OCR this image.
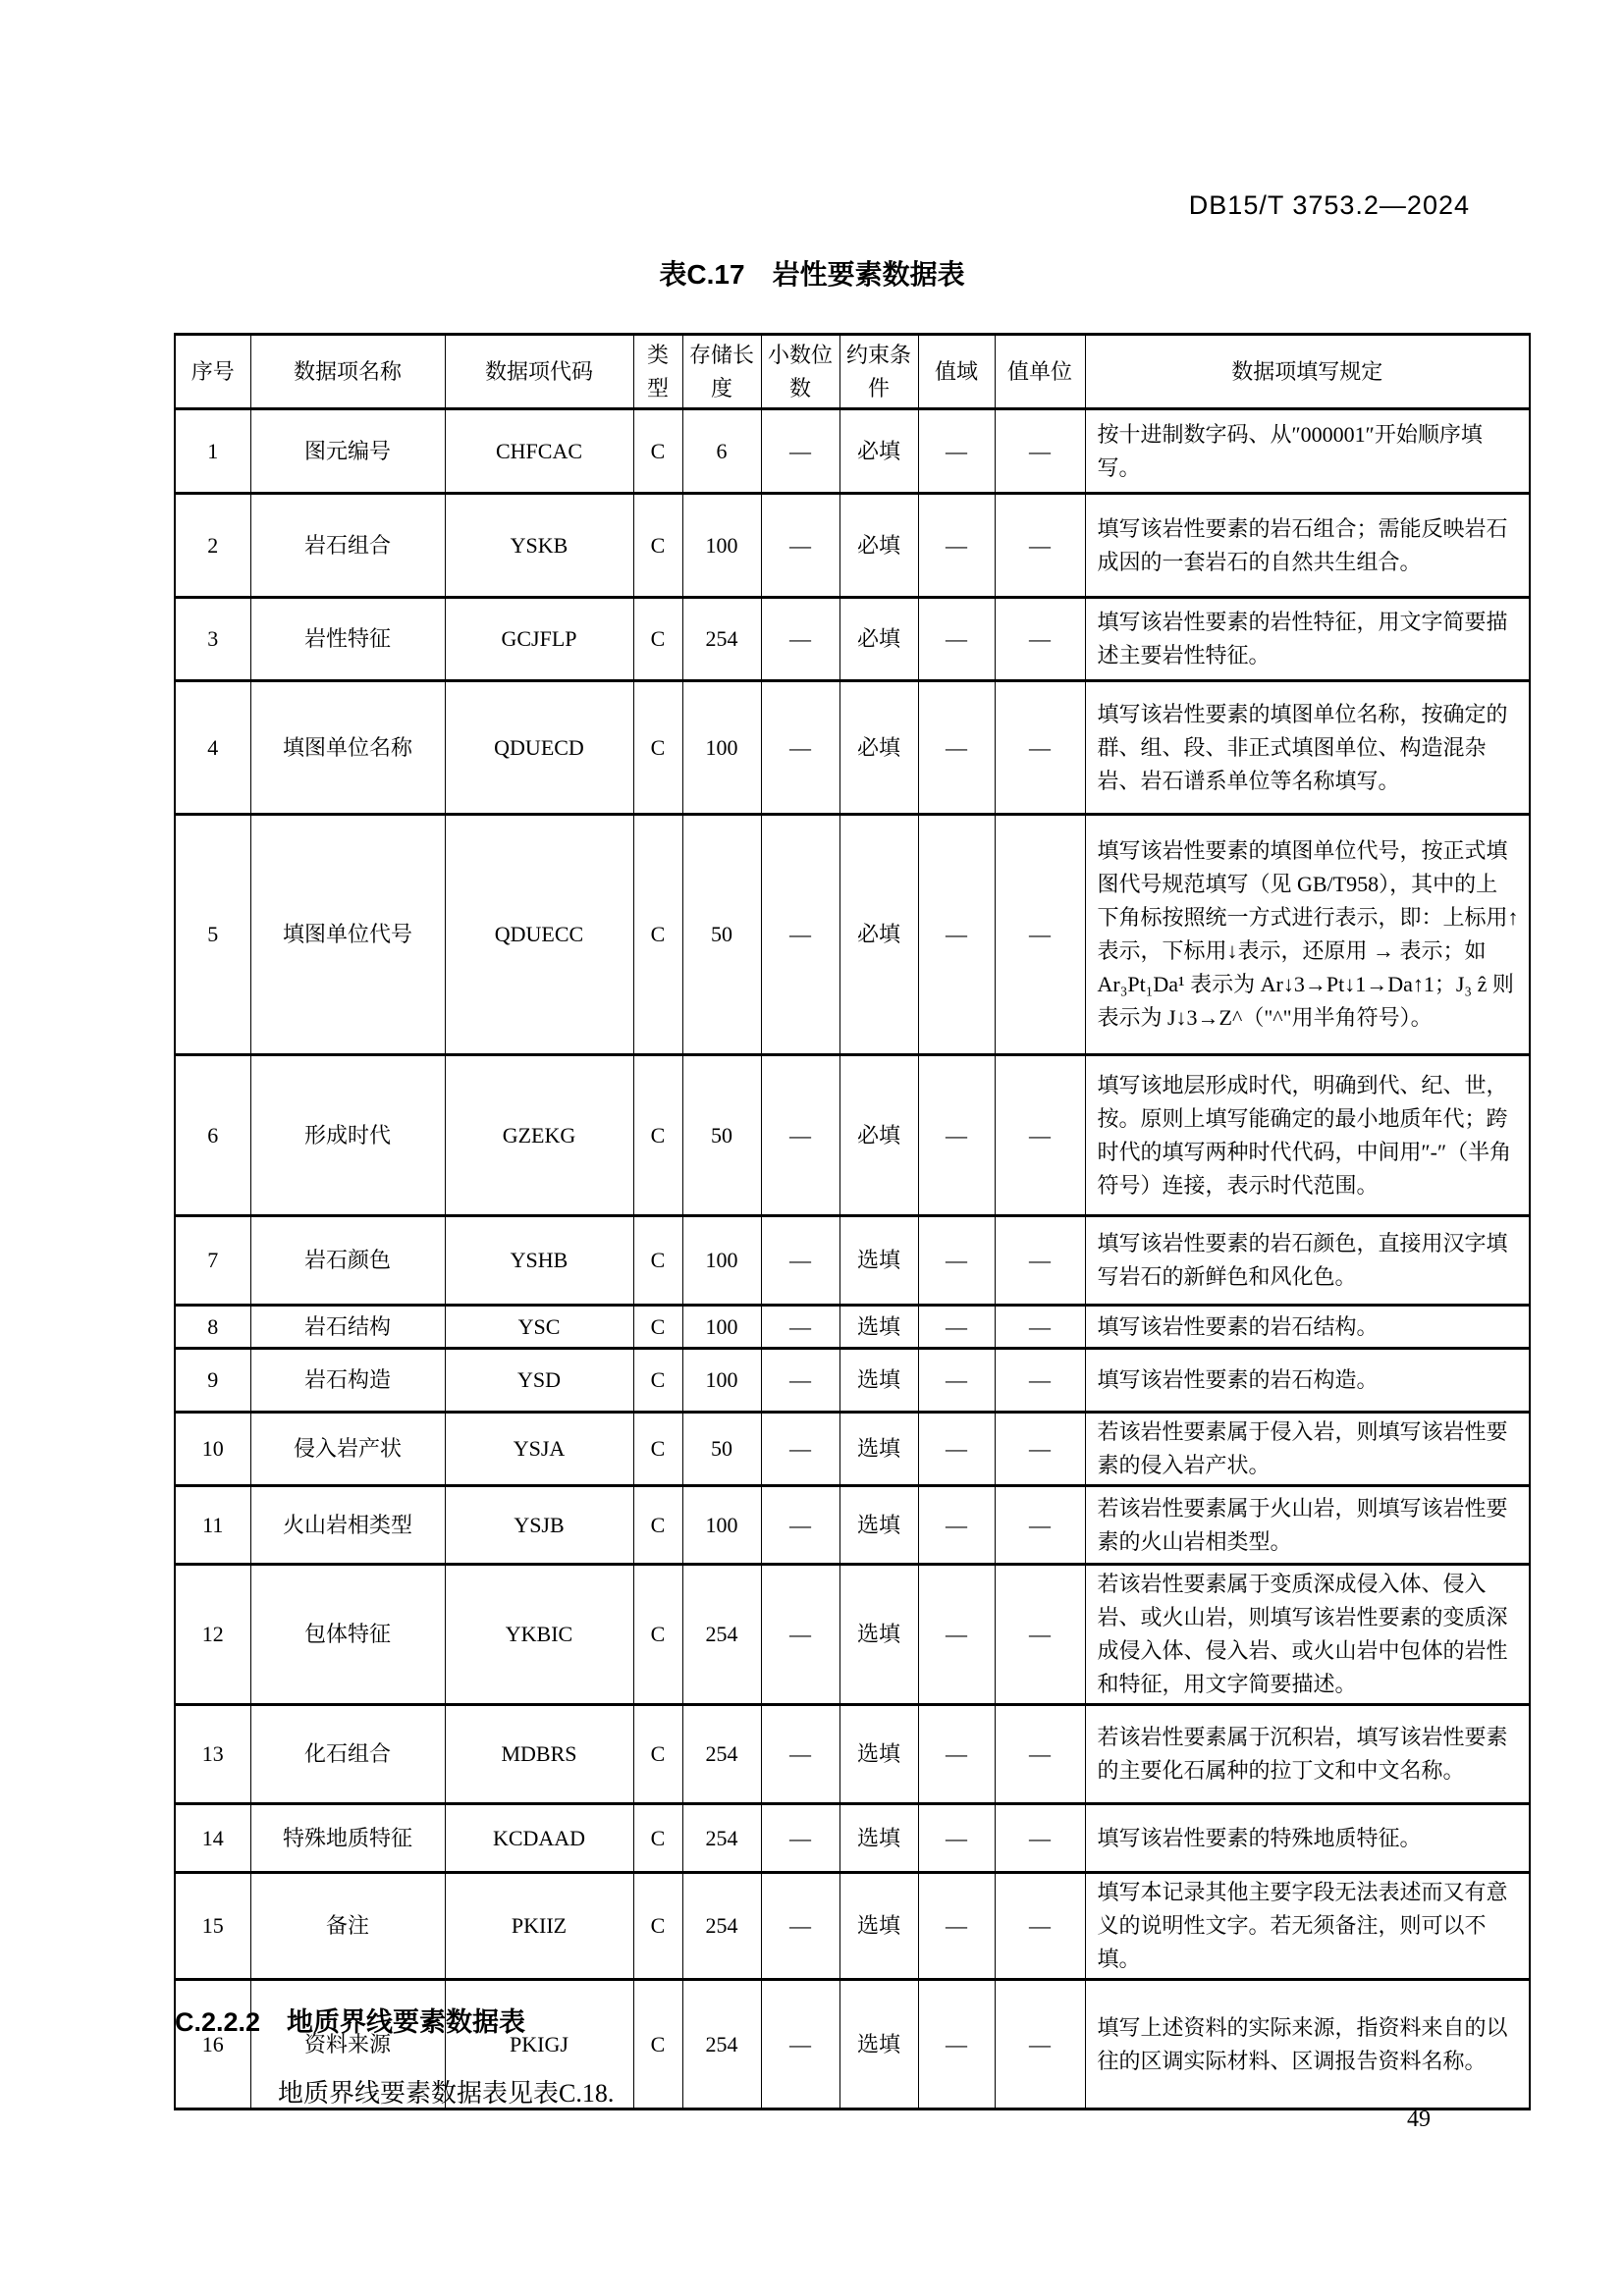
DB15/T 3753.2—2024
表C.17　岩性要素数据表
序号	数据项名称	数据项代码	类型	存储长度	小数位数	约束条件	值域	值单位	数据项填写规定
1	图元编号	CHFCAC	C	6	—	必填	—	—	按十进制数字码、从″000001″开始顺序填写。
2	岩石组合	YSKB	C	100	—	必填	—	—	填写该岩性要素的岩石组合；需能反映岩石成因的一套岩石的自然共生组合。
3	岩性特征	GCJFLP	C	254	—	必填	—	—	填写该岩性要素的岩性特征，用文字简要描述主要岩性特征。
4	填图单位名称	QDUECD	C	100	—	必填	—	—	填写该岩性要素的填图单位名称，按确定的群、组、段、非正式填图单位、构造混杂岩、岩石谱系单位等名称填写。
5	填图单位代号	QDUECC	C	50	—	必填	—	—	填写该岩性要素的填图单位代号，按正式填图代号规范填写（见 GB/T958），其中的上下角标按照统一方式进行表示，即：上标用↑表示，下标用↓表示，还原用 → 表示；如 Ar₃Pt₁Da¹ 表示为 Ar↓3→Pt↓1→Da↑1；J₃ ẑ 则表示为 J↓3→Z^（"^"用半角符号）。
6	形成时代	GZEKG	C	50	—	必填	—	—	填写该地层形成时代，明确到代、纪、世，按。原则上填写能确定的最小地质年代；跨时代的填写两种时代代码，中间用″-″（半角符号）连接，表示时代范围。
7	岩石颜色	YSHB	C	100	—	选填	—	—	填写该岩性要素的岩石颜色，直接用汉字填写岩石的新鲜色和风化色。
8	岩石结构	YSC	C	100	—	选填	—	—	填写该岩性要素的岩石结构。
9	岩石构造	YSD	C	100	—	选填	—	—	填写该岩性要素的岩石构造。
10	侵入岩产状	YSJA	C	50	—	选填	—	—	若该岩性要素属于侵入岩，则填写该岩性要素的侵入岩产状。
11	火山岩相类型	YSJB	C	100	—	选填	—	—	若该岩性要素属于火山岩，则填写该岩性要素的火山岩相类型。
12	包体特征	YKBIC	C	254	—	选填	—	—	若该岩性要素属于变质深成侵入体、侵入岩、或火山岩，则填写该岩性要素的变质深成侵入体、侵入岩、或火山岩中包体的岩性和特征，用文字简要描述。
13	化石组合	MDBRS	C	254	—	选填	—	—	若该岩性要素属于沉积岩，填写该岩性要素的主要化石属种的拉丁文和中文名称。
14	特殊地质特征	KCDAAD	C	254	—	选填	—	—	填写该岩性要素的特殊地质特征。
15	备注	PKIIZ	C	254	—	选填	—	—	填写本记录其他主要字段无法表述而又有意义的说明性文字。若无须备注，则可以不填。
16	资料来源	PKIGJ	C	254	—	选填	—	—	填写上述资料的实际来源，指资料来自的以往的区调实际材料、区调报告资料名称。
C.2.2.2　地质界线要素数据表
地质界线要素数据表见表C.18.
49
